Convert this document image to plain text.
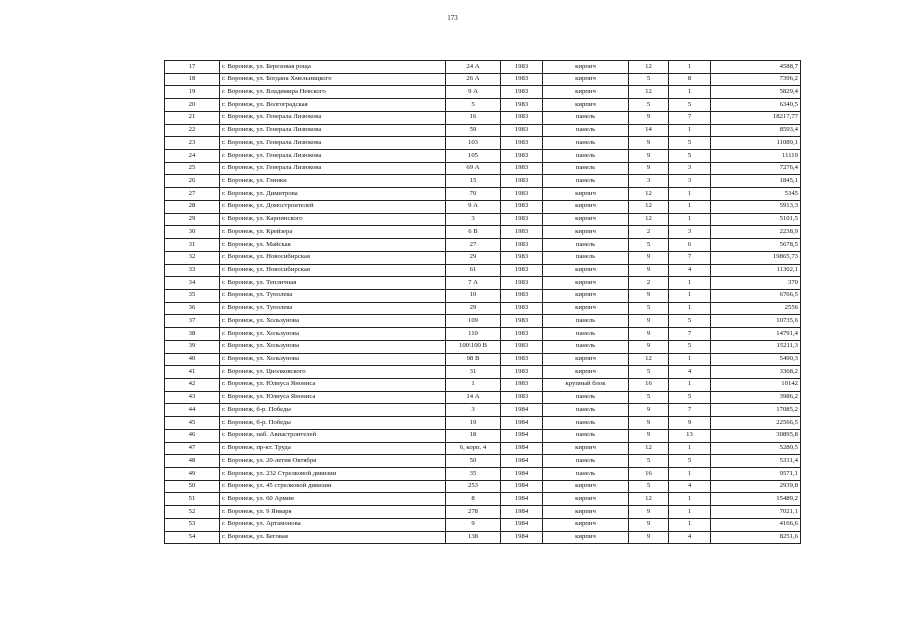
173
17	г. Воронеж, ул. Березовая роща	24 А	1983	кирпич	12	1	4588,7
18	г. Воронеж, ул. Богдана Хмельницкого	26 А	1983	кирпич	5	8	7396,2
19	г. Воронеж, ул. Владимира Невского	9 А	1983	кирпич	12	1	5829,4
20	г. Воронеж, ул. Волгоградская	5	1983	кирпич	5	5	6340,5
21	г. Воронеж, ул. Генерала Лизюкова	16	1983	панель	9	7	18217,77
22	г. Воронеж, ул. Генерала Лизюкова	59	1983	панель	14	1	8593,4
23	г. Воронеж, ул. Генерала Лизюкова	103	1983	панель	9	5	11089,1
24	г. Воронеж, ул. Генерала Лизюкова	105	1983	панель	9	5	11119
25	г. Воронеж, ул. Генерала Лизюкова	69 А	1983	панель	9	3	7276,4
26	г. Воронеж, ул. Глинки	15	1983	панель	3	3	1845,1
27	г. Воронеж, ул. Димитрова	70	1983	кирпич	12	1	5345
28	г. Воронеж, ул. Домостроителей	9 А	1983	кирпич	12	1	5913,3
29	г. Воронеж, ул. Карпинского	3	1983	кирпич	12	1	5101,5
30	г. Воронеж, ул. Крейзера	6 В	1983	кирпич	2	3	2238,9
31	г. Воронеж, ул. Майская	27	1983	панель	5	6	5678,5
32	г. Воронеж, ул. Новосибирская	29	1983	панель	9	7	19865,73
33	г. Воронеж, ул. Новосибирская	61	1983	кирпич	9	4	11302,1
34	г. Воронеж, ул. Тепличная	7 А	1983	кирпич	2	1	370
35	г. Воронеж, ул. Туполева	10	1983	кирпич	9	1	6766,5
36	г. Воронеж, ул. Туполева	29	1983	кирпич	5	1	2556
37	г. Воронеж, ул. Хользунова	109	1983	панель	9	5	10735,6
38	г. Воронеж, ул. Хользунова	110	1983	панель	9	7	14791,4
39	г. Воронеж, ул. Хользунова	100\100 В	1983	панель	9	5	15211,3
40	г. Воронеж, ул. Хользунова	98 В	1983	кирпич	12	1	5490,3
41	г. Воронеж, ул. Циолковского	31	1983	кирпич	5	4	3368,2
42	г. Воронеж, ул. Юлиуса Янониса	1	1983	крупный блок	16	1	10142
43	г. Воронеж, ул. Юлиуса Янониса	14 А	1983	панель	5	5	3986,2
44	г. Воронеж, б-р. Победы	3	1984	панель	9	7	17085,2
45	г. Воронеж, б-р. Победы	19	1984	панель	9	9	22566,5
46	г. Воронеж, наб. Авиастроителей	18	1984	панель	9	13	30895,8
47	г. Воронеж, пр-кт. Труда	6, корп. 4	1984	кирпич	12	1	5280,5
48	г. Воронеж, ул. 20-летия Октября	50	1984	панель	5	5	5331,4
49	г. Воронеж, ул. 232 Стрелковой дивизии	35	1984	панель	16	1	9571,1
50	г. Воронеж, ул. 45 стрелковой дивизии	253	1984	кирпич	5	4	2939,8
51	г. Воронеж, ул. 60 Армии	8	1984	кирпич	12	1	15489,2
52	г. Воронеж, ул. 9 Января	278	1984	кирпич	9	1	7021,1
53	г. Воронеж, ул. Артамонова	9	1984	кирпич	9	1	4166,6
54	г. Воронеж, ул. Беговая	138	1984	кирпич	9	4	8251,6
